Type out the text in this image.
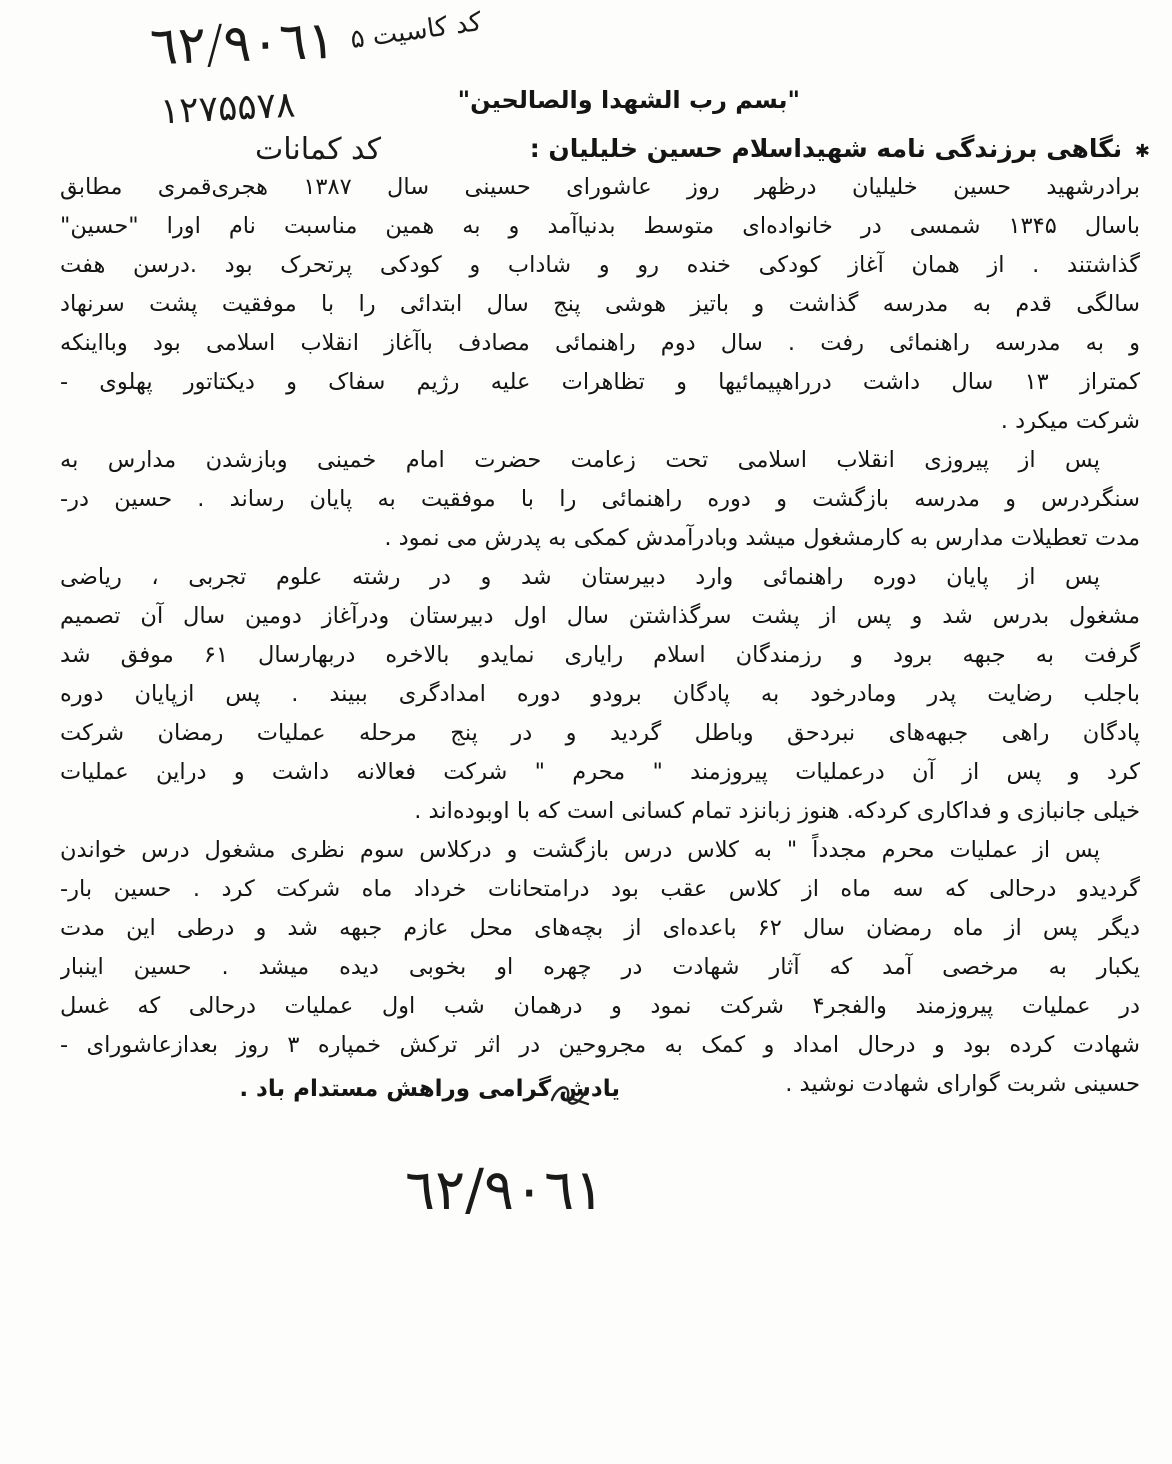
٦٢/٩٠٦١ کد کاسیت ۵
۱۲۷۵۵۷۸
کد کمانات
"بسم رب الشهدا والصالحین"
✱ نگاهی برزندگی نامه شهیداسلام حسین خلیلیان :
برادرشهید حسین خلیلیان درظهر روز عاشورای حسینی سال ۱۳۸۷ هجری‌قمری مطابق
باسال ۱۳۴۵ شمسی در خانواده‌ای متوسط بدنیاآمد و به همین مناسبت نام اورا "حسین"
گذاشتند . از همان آغاز کودکی خنده رو و شاداب و کودکی پرتحرک بود .درسن هفت
سالگی قدم به مدرسه گذاشت و باتیز هوشی پنج سال ابتدائی را با موفقیت پشت سرنهاد
و به مدرسه راهنمائی رفت . سال دوم راهنمائی مصادف باآغاز انقلاب اسلامی بود وبااینکه
کمتراز ۱۳ سال داشت درراهپیمائیها و تظاهرات علیه رژیم سفاک و دیکتاتور پهلوی -
شرکت میکرد .
پس از پیروزی انقلاب اسلامی تحت زعامت حضرت امام خمینی وبازشدن مدارس به
سنگردرس و مدرسه بازگشت و دوره راهنمائی را با موفقیت به پایان رساند . حسین در-
مدت تعطیلات مدارس به کارمشغول میشد وبادرآمدش کمکی به پدرش می نمود .
پس از پایان دوره راهنمائی وارد دبیرستان شد و در رشته علوم تجربی ، ریاضی
مشغول بدرس شد و پس از پشت سرگذاشتن سال اول دبیرستان ودرآغاز دومین سال آن تصمیم
گرفت به جبهه برود و رزمندگان اسلام رایاری نمایدو بالاخره دربهارسال ۶۱ موفق شد
باجلب رضایت پدر ومادرخود به پادگان برودو دوره امدادگری ببیند . پس ازپایان دوره
پادگان راهی جبهه‌های نبردحق وباطل گردید و در پنج مرحله عملیات رمضان شرکت
کرد و پس از آن درعملیات پیروزمند " محرم " شرکت فعالانه داشت و دراین عملیات
خیلی جانبازی و فداکاری کردکه. هنوز زبانزد تمام کسانی است که با اوبوده‌اند .
پس از عملیات محرم مجدداً " به کلاس درس بازگشت و درکلاس سوم نظری مشغول درس خواندن
گردیدو درحالی که سه ماه از کلاس عقب بود درامتحانات خرداد ماه شرکت کرد . حسین بار-
دیگر پس از ماه رمضان سال ۶۲ باعده‌ای از بچه‌های محل عازم جبهه شد و درطی این مدت
یکبار به مرخصی آمد که آثار شهادت در چهره او بخوبی دیده میشد . حسین اینبار
در عملیات پیروزمند والفجر۴ شرکت نمود و درهمان شب اول عملیات درحالی که غسل
شهادت کرده بود و درحال امداد و کمک به مجروحین در اثر ترکش خمپاره ۳ روز بعدازعاشورای -
حسینی شربت گوارای شهادت نوشید .
یادش گرامی وراهش مستدام باد .
٦٢/٩٠٦١
